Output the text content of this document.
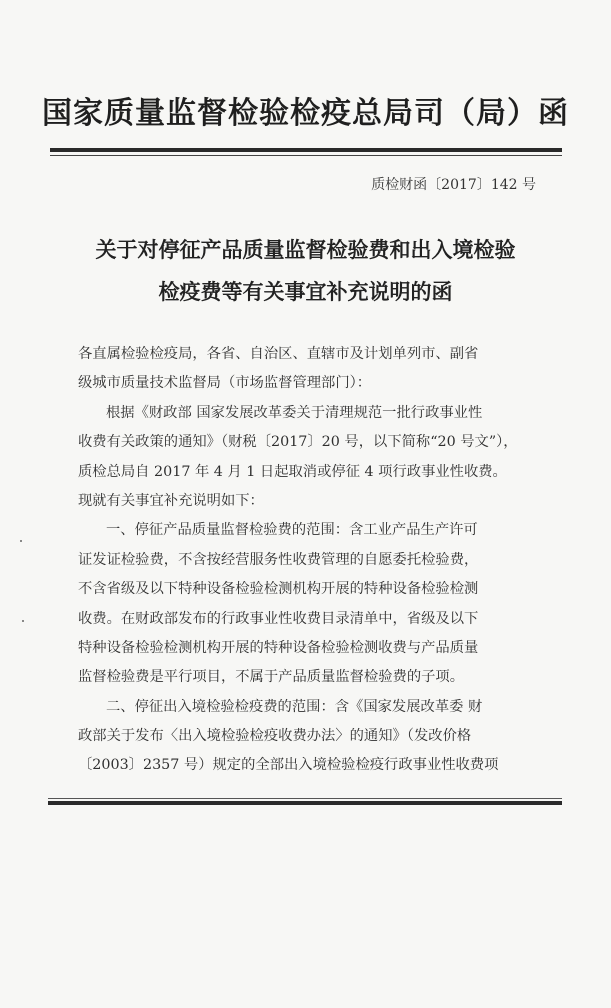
国家质量监督检验检疫总局司（局）函
质检财函〔2017〕142 号
关于对停征产品质量监督检验费和出入境检验
检疫费等有关事宜补充说明的函
各直属检验检疫局，各省、自治区、直辖市及计划单列市、副省
级城市质量技术监督局（市场监督管理部门）：
根据《财政部 国家发展改革委关于清理规范一批行政事业性
收费有关政策的通知》（财税〔2017〕20 号，以下简称“20 号文”），
质检总局自 2017 年 4 月 1 日起取消或停征 4 项行政事业性收费。
现就有关事宜补充说明如下：
一、停征产品质量监督检验费的范围：含工业产品生产许可
证发证检验费，不含按经营服务性收费管理的自愿委托检验费，
不含省级及以下特种设备检验检测机构开展的特种设备检验检测
收费。在财政部发布的行政事业性收费目录清单中，省级及以下
特种设备检验检测机构开展的特种设备检验检测收费与产品质量
监督检验费是平行项目，不属于产品质量监督检验费的子项。
二、停征出入境检验检疫费的范围：含《国家发展改革委 财
政部关于发布〈出入境检验检疫收费办法〉的通知》（发改价格
〔2003〕2357 号）规定的全部出入境检验检疫行政事业性收费项
